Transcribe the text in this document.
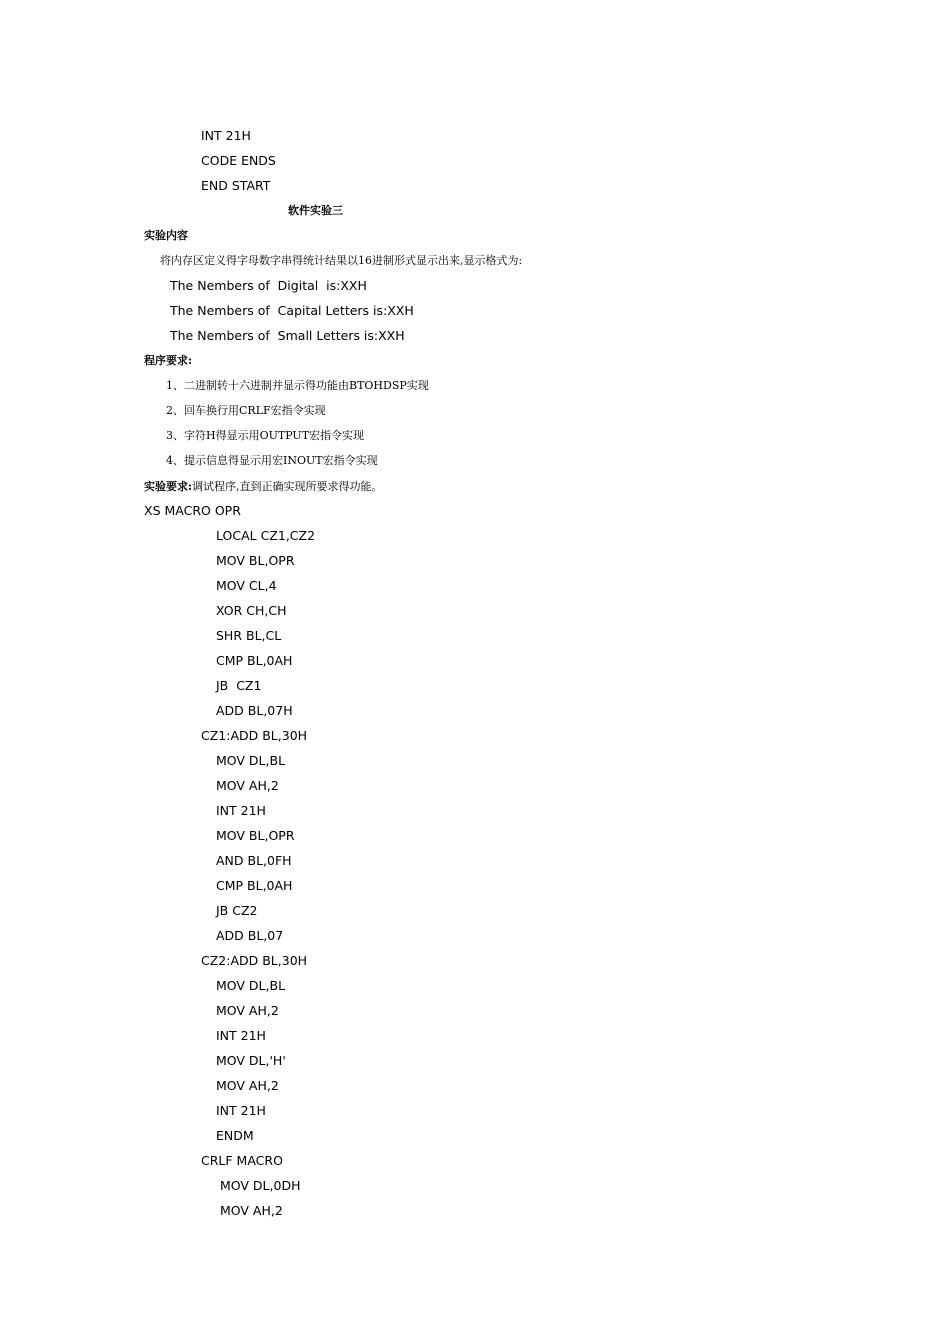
INT 21H
CODE ENDS
END START
软件实验三
实验内容
将内存区定义得字母数字串得统计结果以16进制形式显示出来,显示格式为:
The Nembers of  Digital  is:XXH
The Nembers of  Capital Letters is:XXH
The Nembers of  Small Letters is:XXH
程序要求:
1、二进制转十六进制并显示得功能由BTOHDSP实现
2、回车换行用CRLF宏指令实现
3、字符H得显示用OUTPUT宏指令实现
4、提示信息得显示用宏INOUT宏指令实现
实验要求:调试程序,直到正确实现所要求得功能。
XS MACRO OPR
LOCAL CZ1,CZ2
MOV BL,OPR
MOV CL,4
XOR CH,CH
SHR BL,CL
CMP BL,0AH
JB  CZ1
ADD BL,07H
CZ1:ADD BL,30H
MOV DL,BL
MOV AH,2
INT 21H
MOV BL,OPR
AND BL,0FH
CMP BL,0AH
JB CZ2
ADD BL,07
CZ2:ADD BL,30H
MOV DL,BL
MOV AH,2
INT 21H
MOV DL,'H'
MOV AH,2
INT 21H
ENDM
CRLF MACRO
MOV DL,0DH
MOV AH,2
